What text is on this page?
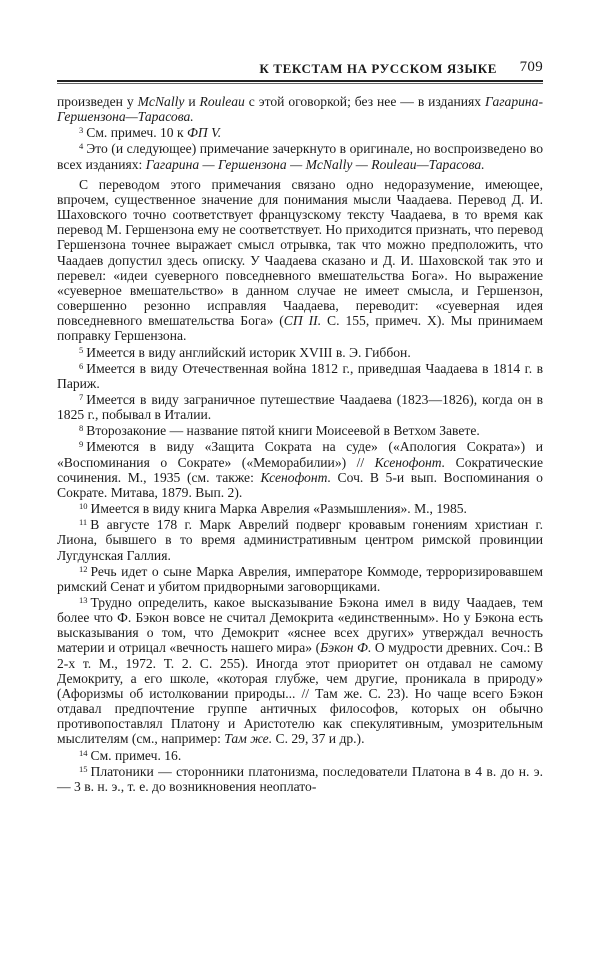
К ТЕКСТАМ НА РУССКОМ ЯЗЫКЕ 709

произведен у McNally и Rouleau с этой оговоркой; без нее — в изданиях Гагарина-Гершензона—Тарасова.

$^3$ См. примеч. 10 к ФП V.

$^4$ Это (и следующее) примечание зачеркнуто в оригинале, но воспроизведено во всех изданиях: Гагарина — Гершензона — McNally — Rouleau—Тарасова.

С переводом этого примечания связано одно недоразумение, имеющее, впрочем, существенное значение для понимания мысли Чаадаева. Перевод Д. И. Шаховского точно соответствует французскому тексту Чаадаева, в то время как перевод М. Гершензона ему не соответствует. Но приходится признать, что перевод Гершензона точнее выражает смысл отрывка, так что можно предположить, что Чаадаев допустил здесь описку. У Чаадаева сказано и Д. И. Шаховской так это и перевел: «идеи суеверного повседневного вмешательства Бога». Но выражение «суеверное вмешательство» в данном случае не имеет смысла, и Гершензон, совершенно резонно исправляя Чаадаева, переводит: «суеверная идея повседневного вмешательства Бога» (СП II. С. 155, примеч. X). Мы принимаем поправку Гершензона.

$^5$ Имеется в виду английский историк XVIII в. Э. Гиббон.

$^6$ Имеется в виду Отечественная война 1812 г., приведшая Чаадаева в 1814 г. в Париж.

$^7$ Имеется в виду заграничное путешествие Чаадаева (1823—1826), когда он в 1825 г., побывал в Италии.

$^8$ Второзаконие — название пятой книги Моисеевой в Ветхом Завете.

$^9$ Имеются в виду «Защита Сократа на суде» («Апология Сократа») и «Воспоминания о Сократе» («Меморабилии») // Ксенофонт. Сократические сочинения. М., 1935 (см. также: Ксенофонт. Соч. В 5-и вып. Воспоминания о Сократе. Митава, 1879. Вып. 2).

$^{10}$ Имеется в виду книга Марка Аврелия «Размышления». М., 1985.

$^{11}$ В августе 178 г. Марк Аврелий подверг кровавым гонениям христиан г. Лиона, бывшего в то время административным центром римской провинции Лугдунская Галлия.

$^{12}$ Речь идет о сыне Марка Аврелия, императоре Коммоде, терроризировавшем римский Сенат и убитом придворными заговорщиками.

$^{13}$ Трудно определить, какое высказывание Бэкона имел в виду Чаадаев, тем более что Ф. Бэкон вовсе не считал Демокрита «единственным». Но у Бэкона есть высказывания о том, что Демокрит «яснее всех других» утверждал вечность материи и отрицал «вечность нашего мира» (Бэкон Ф. О мудрости древних. Соч.: В 2-х т. М., 1972. Т. 2. С. 255). Иногда этот приоритет он отдавал не самому Демокриту, а его школе, «которая глубже, чем другие, проникала в природу» (Афоризмы об истолковании природы... // Там же. С. 23). Но чаще всего Бэкон отдавал предпочтение группе античных философов, которых он обычно противопоставлял Платону и Аристотелю как спекулятивным, умозрительным мыслителям (см., например: Там же. С. 29, 37 и др.).

$^{14}$ См. примеч. 16.

$^{15}$ Платоники — сторонники платонизма, последователи Платона в 4 в. до н. э. — 3 в. н. э., т. е. до возникновения неоплато-
